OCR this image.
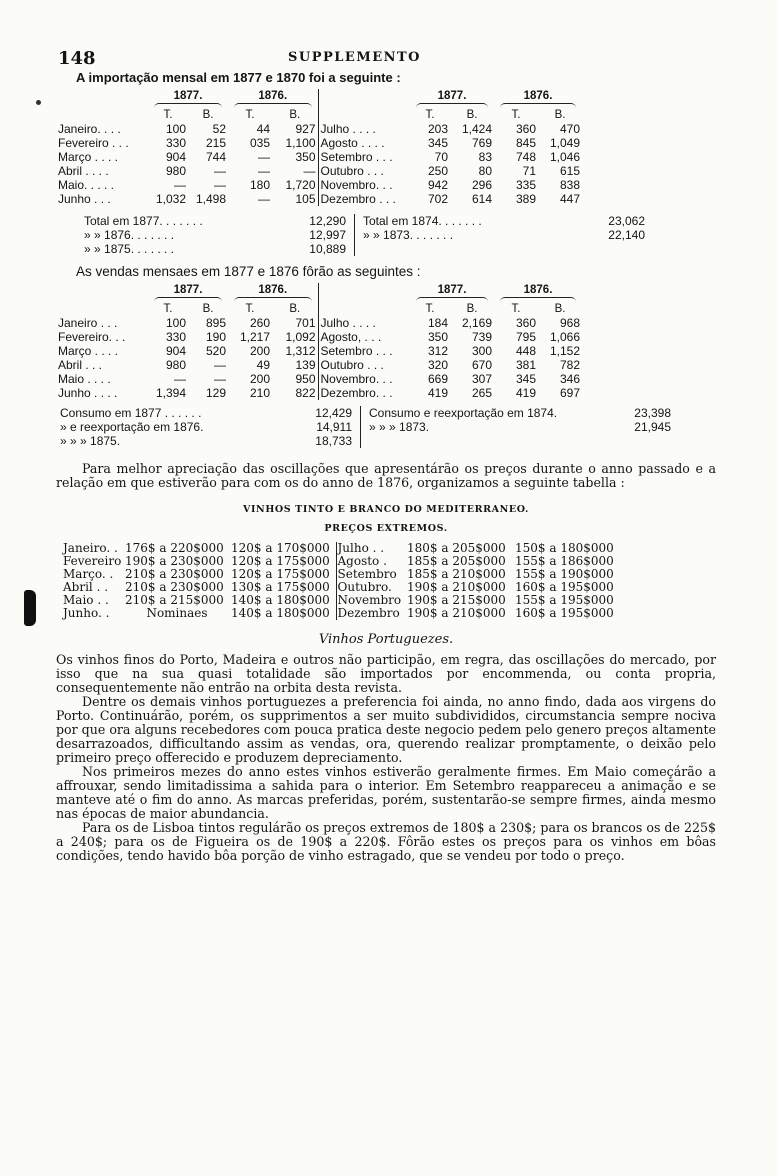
148	SUPPLEMENTO
A importação mensal em 1877 e 1870 foi a seguinte :
	1877.		1876.			1877.		1876.	

	T.	B.	T.	B.		T.	B.	T.	B.
Janeiro. . . .	100	52	44	927	Julho . . . .	203	1,424	360	470
Fevereiro . . .	330	215	035	1,100	Agosto . . . .	345	769	845	1,049
Março . . . .	904	744	—	350	Setembro . . .	70	83	748	1,046
Abril . . . .	980	—	—	—	Outubro . . .	250	80	71	615
Maio. . . . .	—	—	180	1,720	Novembro. . .	942	296	335	838
Junho . . .	1,032	1,498	—	105	Dezembro . . .	702	614	389	447
Total em 1877. . . . . . .	12,290
» » 1876. . . . . . .	12,997
» » 1875. . . . . . .	10,889
Total em 1874. . . . . . .	23,062
» » 1873. . . . . . .	22,140
As vendas mensaes em 1877 e 1876 fôrão as seguintes :
	1877.		1876.			1877.		1876.	

	T.	B.	T.	B.		T.	B.	T.	B.
Janeiro . . .	100	895	260	701	Julho . . . .	184	2,169	360	968
Fevereiro. . .	330	190	1,217	1,092	Agosto, . . .	350	739	795	1,066
Março . . . .	904	520	200	1,312	Setembro . . .	312	300	448	1,152
Abril . . .	980	—	49	139	Outubro . . .	320	670	381	782
Maio . . . .	—	—	200	950	Novembro. . .	669	307	345	346
Junho . . . .	1,394	129	210	822	Dezembro. . .	419	265	419	697
Consumo em 1877 . . . . . .	12,429
» e reexportação em 1876.	14,911
» » » 1875.	18,733
Consumo e reexportação em 1874.	23,398
» » » 1873.	21,945

Para melhor apreciação das oscillações que apresentárão os preços durante o anno passado e a relação em que estiverão para com os do anno de 1876, organizamos a seguinte tabella :

VINHOS TINTO E BRANCO DO MEDITERRANEO.
PREÇOS EXTREMOS.
Janeiro. .	176$ a 220$000	120$ a 170$000	Julho . .	180$ a 205$000	150$ a 180$000
Fevereiro	190$ a 230$000	120$ a 175$000	Agosto .	185$ a 205$000	155$ a 186$000
Março. .	210$ a 230$000	120$ a 175$000	Setembro	185$ a 210$000	155$ a 190$000
Abril . .	210$ a 230$000	130$ a 175$000	Outubro.	190$ a 210$000	160$ a 195$000
Maio . .	210$ a 215$000	140$ a 180$000	Novembro	190$ a 215$000	155$ a 195$000
Junho. .	Nominaes	140$ a 180$000	Dezembro	190$ a 210$000	160$ a 195$000
Vinhos Portuguezes.

Os vinhos finos do Porto, Madeira e outros não participão, em regra, das oscillações do mercado, por isso que na sua quasi totalidade são importados por encommenda, ou conta propria, consequentemente não entrão na orbita desta revista.

Dentre os demais vinhos portuguezes a preferencia foi ainda, no anno findo, dada aos virgens do Porto. Continuárão, porém, os supprimentos a ser muito subdivididos, circumstancia sempre nociva por que ora alguns recebedores com pouca pratica deste negocio pedem pelo genero preços altamente desarrazoados, difficultando assim as vendas, ora, querendo realizar promptamente, o deixão pelo primeiro preço offerecido e produzem depreciamento.

Nos primeiros mezes do anno estes vinhos estiverão geralmente firmes. Em Maio começárão a affrouxar, sendo limitadissima a sahida para o interior. Em Setembro reappareceu a animação e se manteve até o fim do anno. As marcas preferidas, porém, sustentarão-se sempre firmes, ainda mesmo nas épocas de maior abundancia.

Para os de Lisboa tintos regulárão os preços extremos de 180$ a 230$; para os brancos os de 225$ a 240$; para os de Figueira os de 190$ a 220$. Fôrão estes os preços para os vinhos em bôas condições, tendo havido bôa porção de vinho estragado, que se vendeu por todo o preço.
